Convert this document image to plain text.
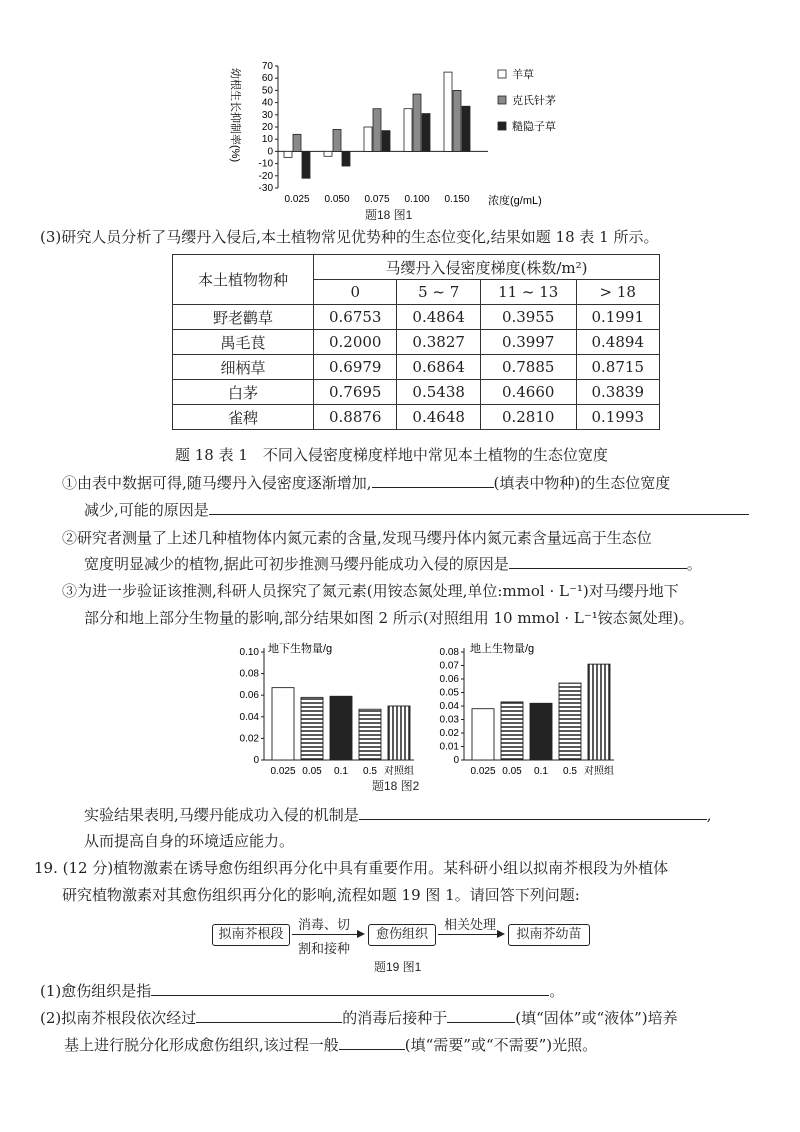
幼根生长抑制率(%)
70
60
50
40
30
20
10
0
-10
-20
-30
0.025 0.050 0.075 0.100 0.150 浓度(g/mL)
羊草
克氏针茅
糙隐子草
题18 图1
(3)研究人员分析了马缨丹入侵后,本土植物常见优势种的生态位变化,结果如题 18 表 1 所示。
本土植物物种	马缨丹入侵密度梯度(株数/m²)			
	0	5 ~ 7	11 ~ 13	> 18
野老鹳草	0.6753	0.4864	0.3955	0.1991
禺毛茛	0.2000	0.3827	0.3997	0.4894
细柄草	0.6979	0.6864	0.7885	0.8715
白茅	0.7695	0.5438	0.4660	0.3839
雀稗	0.8876	0.4648	0.2810	0.1993
题 18 表 1　不同入侵密度梯度样地中常见本土植物的生态位宽度
①由表中数据可得,随马缨丹入侵密度逐渐增加,	(填表中物种)的生态位宽度
减少,可能的原因是
②研究者测量了上述几种植物体内氮元素的含量,发现马缨丹体内氮元素含量远高于生态位
宽度明显减少的植物,据此可初步推测马缨丹能成功入侵的原因是	。
③为进一步验证该推测,科研人员探究了氮元素(用铵态氮处理,单位:mmol · L⁻¹)对马缨丹地下
部分和地上部分生物量的影响,部分结果如图 2 所示(对照组用 10 mmol · L⁻¹铵态氮处理)。
0.10
0.08
0.06
0.04
0.02
0
0.025 0.05 0.1 0.5 对照组
0.08
0.07
0.06
0.05
0.04
0.03
0.02
0.01
0
0.025 0.05 0.1 0.5 对照组
地下生物量/g	地上生物量/g
题18 图2
实验结果表明,马缨丹能成功入侵的机制是	,
从而提高自身的环境适应能力。
19. (12 分)植物激素在诱导愈伤组织再分化中具有重要作用。某科研小组以拟南芥根段为外植体
研究植物激素对其愈伤组织再分化的影响,流程如题 19 图 1。请回答下列问题:
拟南芥根段
消毒、切
割和接种
愈伤组织
相关处理
拟南芥幼苗
题19 图1
(1)愈伤组织是指	。
(2)拟南芥根段依次经过	的消毒后接种于	(填“固体”或“液体”)培养
基上进行脱分化形成愈伤组织,该过程一般	(填“需要”或“不需要”)光照。
